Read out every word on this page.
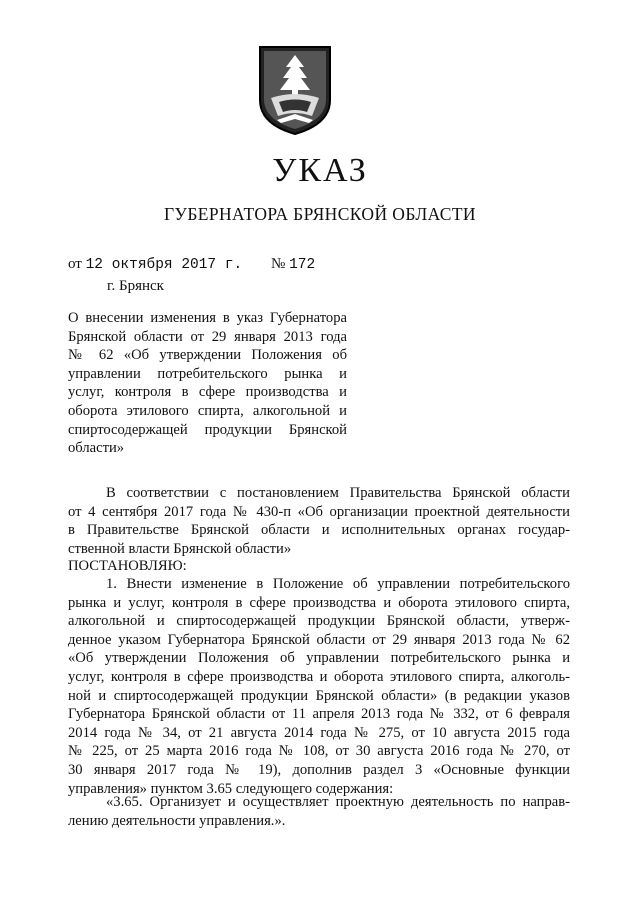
УКАЗ
ГУБЕРНАТОРА БРЯНСКОЙ ОБЛАСТИ
от 12 октября 2017 г. № 172
г. Брянск
О внесении изменения в указ Губернатора
Брянской области от 29 января 2013 года
№ 62 «Об утверждении Положения об
управлении потребительского рынка и
услуг, контроля в сфере производства и
оборота этилового спирта, алкогольной и
спиртосодержащей продукции Брянской
области»
В соответствии с постановлением Правительства Брянской области
от 4 сентября 2017 года № 430-п «Об организации проектной деятельности
в Правительстве Брянской области и исполнительных органах государ-
ственной власти Брянской области»
ПОСТАНОВЛЯЮ:
1. Внести изменение в Положение об управлении потребительского
рынка и услуг, контроля в сфере производства и оборота этилового спирта,
алкогольной и спиртосодержащей продукции Брянской области, утверж-
денное указом Губернатора Брянской области от 29 января 2013 года № 62
«Об утверждении Положения об управлении потребительского рынка и
услуг, контроля в сфере производства и оборота этилового спирта, алкоголь-
ной и спиртосодержащей продукции Брянской области» (в редакции указов
Губернатора Брянской области от 11 апреля 2013 года № 332, от 6 февраля
2014 года № 34, от 21 августа 2014 года № 275, от 10 августа 2015 года
№ 225, от 25 марта 2016 года № 108, от 30 августа 2016 года № 270, от
30 января 2017 года № 19), дополнив раздел 3 «Основные функции
управления» пунктом 3.65 следующего содержания:
«3.65. Организует и осуществляет проектную деятельность по направ-
лению деятельности управления.».
